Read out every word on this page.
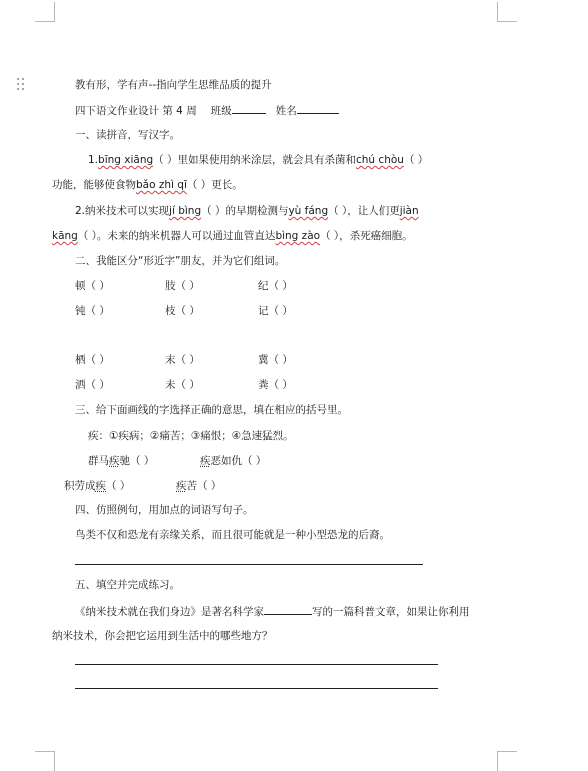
教有形，学有声--指向学生思维品质的提升
四下语文作业设计 第 4 周 班级	姓名
一、读拼音，写汉字。
1.bīng xiāng（ ）里如果使用纳米涂层，就会具有杀菌和chú chòu（ ）
功能，能够使食物bǎo zhì qī（ ）更长。
2.纳米技术可以实现jí bìng（ ）的早期检测与yù fáng（ ），让人们更jiàn
kāng（ ）。未来的纳米机器人可以通过血管直达bìng zào（ ），杀死癌细胞。
二、我能区分“形近字”朋友，并为它们组词。
顿（ ）	肢（ ）	纪（ ）
钝（ ）	枝（ ）	记（ ）
栖（ ）	末（ ）	冀（ ）
洒（ ）	未（ ）	粪（ ）
三、给下面画线的字选择正确的意思，填在相应的括号里。
疾：①疾病；②痛苦；③痛恨；④急速猛烈。
群马疾驰（ ）	疾恶如仇（ ）
积劳成疾（ ）	疾苦（ ）
四、仿照例句，用加点的词语写句子。
鸟类不仅和恐龙有亲缘关系，而且很可能就是一种小型恐龙的后裔。
五、填空并完成练习。
《纳米技术就在我们身边》是著名科学家	写的一篇科普文章，如果让你利用
纳米技术，你会把它运用到生活中的哪些地方？
